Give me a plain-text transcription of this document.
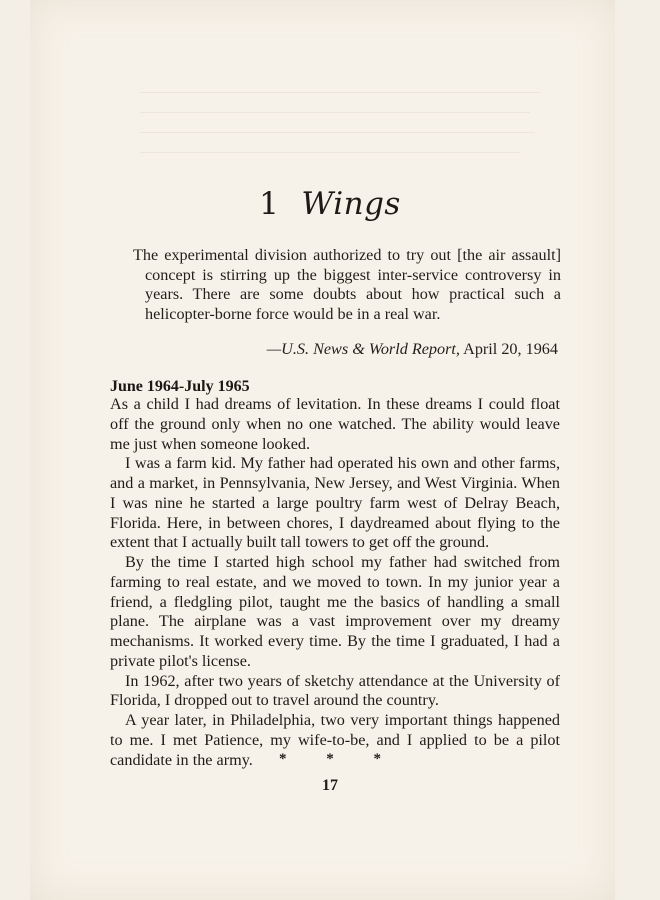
1 Wings

The experimental division authorized to try out [the air assault] concept is stirring up the biggest inter-service controversy in years. There are some doubts about how practical such a helicopter-borne force would be in a real war.

—U.S. News & World Report, April 20, 1964
June 1964-July 1965

As a child I had dreams of levitation. In these dreams I could float off the ground only when no one watched. The ability would leave me just when someone looked.

I was a farm kid. My father had operated his own and other farms, and a market, in Pennsylvania, New Jersey, and West Virginia. When I was nine he started a large poultry farm west of Delray Beach, Florida. Here, in between chores, I daydreamed about flying to the extent that I actually built tall towers to get off the ground.

By the time I started high school my father had switched from farming to real estate, and we moved to town. In my junior year a friend, a fledgling pilot, taught me the basics of handling a small plane. The airplane was a vast improvement over my dreamy mechanisms. It worked every time. By the time I graduated, I had a private pilot's license.

In 1962, after two years of sketchy attendance at the University of Florida, I dropped out to travel around the country.

A year later, in Philadelphia, two very important things happened to me. I met Patience, my wife-to-be, and I applied to be a pilot candidate in the army.	* * *
17
